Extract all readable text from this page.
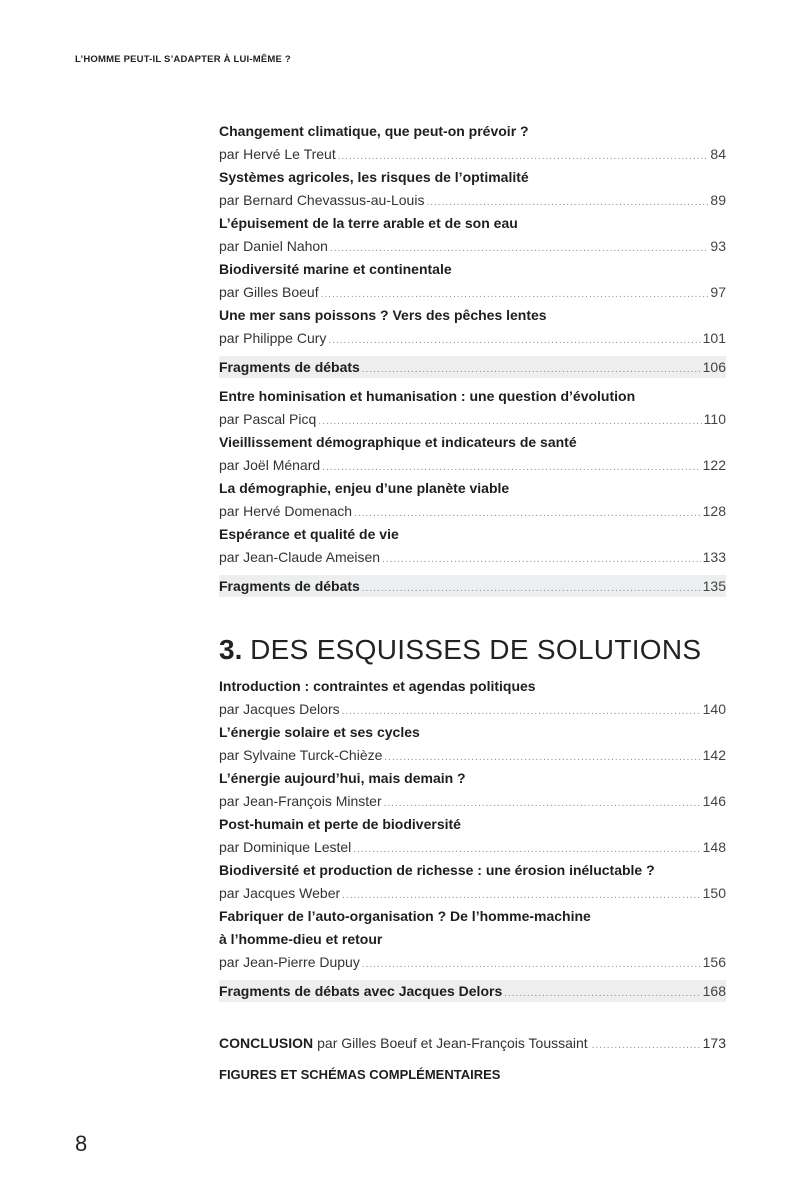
L’HOMME PEUT-IL S’ADAPTER À LUI-MÊME ?
Changement climatique, que peut-on prévoir ?
par Hervé Le Treut .....	84
Systèmes agricoles, les risques de l’optimalité
par Bernard Chevassus-au-Louis .....	89
L’épuisement de la terre arable et de son eau
par Daniel Nahon .....	93
Biodiversité marine et continentale
par Gilles Boeuf .....	97
Une mer sans poissons ? Vers des pêches lentes
par Philippe Cury .....	101
Fragments de débats .....	106
Entre hominisation et humanisation : une question d’évolution
par Pascal Picq .....	110
Vieillissement démographique et indicateurs de santé
par Joël Ménard .....	122
La démographie, enjeu d’une planète viable
par Hervé Domenach .....	128
Espérance et qualité de vie
par Jean-Claude Ameisen .....	133
Fragments de débats .....	135
3. DES ESQUISSES DE SOLUTIONS
Introduction : contraintes et agendas politiques
par Jacques Delors .....	140
L’énergie solaire et ses cycles
par Sylvaine Turck-Chièze .....	142
L’énergie aujourd’hui, mais demain ?
par Jean-François Minster .....	146
Post-humain et perte de biodiversité
par Dominique Lestel .....	148
Biodiversité et production de richesse : une érosion inéluctable ?
par Jacques Weber .....	150
Fabriquer de l’auto-organisation ? De l’homme-machine
à l’homme-dieu et retour
par Jean-Pierre Dupuy .....	156
Fragments de débats avec Jacques Delors .....	168
CONCLUSION par Gilles Boeuf et Jean-François Toussaint .....	173
FIGURES ET SCHÉMAS COMPLÉMENTAIRES
8
